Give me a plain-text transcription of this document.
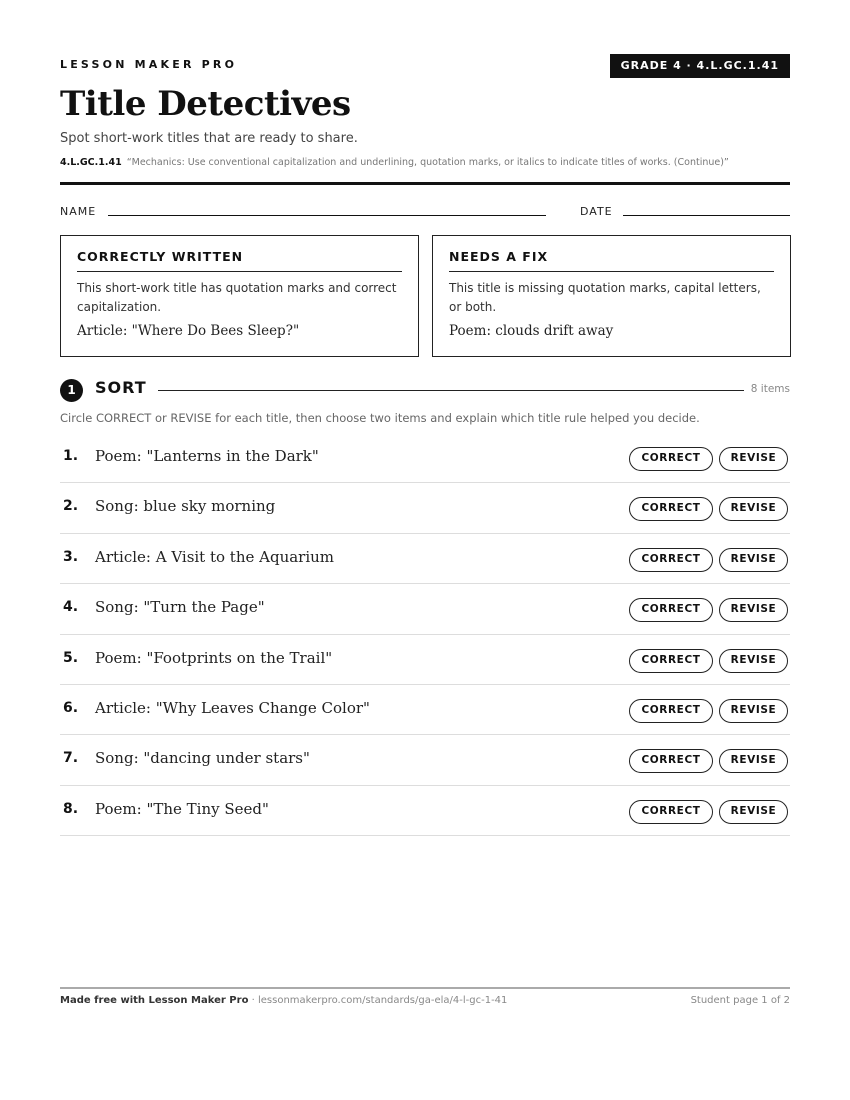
LESSON MAKER PRO	GRADE 4 · 4.L.GC.1.41
Title Detectives
Spot short-work titles that are ready to share.
4.L.GC.1.41 “Mechanics: Use conventional capitalization and underlining, quotation marks, or italics to indicate titles of works. (Continue)”
NAME	DATE
CORRECTLY WRITTEN
This short-work title has quotation marks and correct capitalization.
Article: "Where Do Bees Sleep?"
NEEDS A FIX
This title is missing quotation marks, capital letters, or both.
Poem: clouds drift away
1	SORT	8 items
Circle CORRECT or REVISE for each title, then choose two items and explain which title rule helped you decide.
1. Poem: "Lanterns in the Dark"	CORRECT	REVISE
2. Song: blue sky morning	CORRECT	REVISE
3. Article: A Visit to the Aquarium	CORRECT	REVISE
4. Song: "Turn the Page"	CORRECT	REVISE
5. Poem: "Footprints on the Trail"	CORRECT	REVISE
6. Article: "Why Leaves Change Color"	CORRECT	REVISE
7. Song: "dancing under stars"	CORRECT	REVISE
8. Poem: "The Tiny Seed"	CORRECT	REVISE
Made free with Lesson Maker Pro · lessonmakerpro.com/standards/ga-ela/4-l-gc-1-41	Student page 1 of 2
